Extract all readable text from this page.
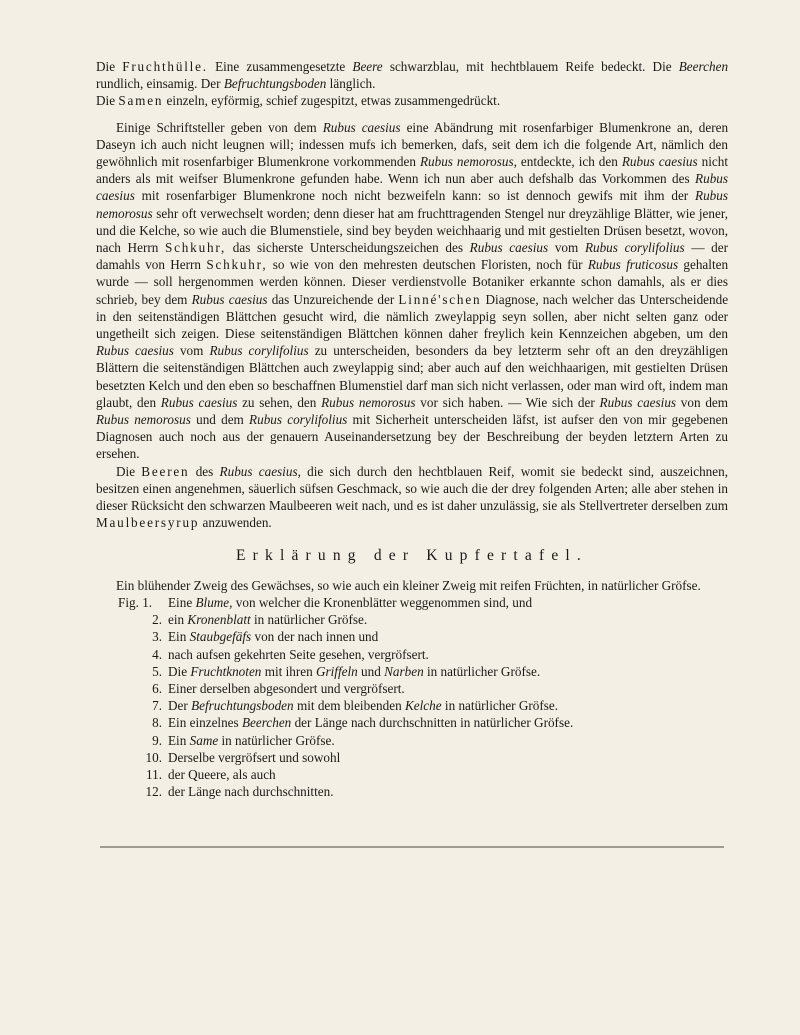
Die Fruchthülle. Eine zusammengesetzte Beere schwarzblau, mit hechtblauem Reife bedeckt. Die Beerchen rundlich, einsamig. Der Befruchtungsboden länglich.

Die Samen einzeln, eyförmig, schief zugespitzt, etwas zusammengedrückt.

Einige Schriftsteller geben von dem Rubus caesius eine Abändrung mit rosenfarbiger Blumenkrone an, deren Daseyn ich auch nicht leugnen will; indessen mufs ich bemerken, dafs, seit dem ich die folgende Art, nämlich den gewöhnlich mit rosenfarbiger Blumenkrone vorkommenden Rubus nemorosus, entdeckte, ich den Rubus caesius nicht anders als mit weifser Blumenkrone gefunden habe. Wenn ich nun aber auch defshalb das Vorkommen des Rubus caesius mit rosenfarbiger Blumenkrone noch nicht bezweifeln kann: so ist dennoch gewifs mit ihm der Rubus nemorosus sehr oft verwechselt worden; denn dieser hat am fruchttragenden Stengel nur dreyzählige Blätter, wie jener, und die Kelche, so wie auch die Blumenstiele, sind bey beyden weichhaarig und mit gestielten Drüsen besetzt, wovon, nach Herrn Schkuhr, das sicherste Unterscheidungszeichen des Rubus caesius vom Rubus corylifolius — der damahls von Herrn Schkuhr, so wie von den mehresten deutschen Floristen, noch für Rubus fruticosus gehalten wurde — soll hergenommen werden können. Dieser verdienstvolle Botaniker erkannte schon damahls, als er dies schrieb, bey dem Rubus caesius das Unzureichende der Linné'schen Diagnose, nach welcher das Unterscheidende in den seitenständigen Blättchen gesucht wird, die nämlich zweylappig seyn sollen, aber nicht selten ganz oder ungetheilt sich zeigen. Diese seitenständigen Blättchen können daher freylich kein Kennzeichen abgeben, um den Rubus caesius vom Rubus corylifolius zu unterscheiden, besonders da bey letzterm sehr oft an den dreyzähligen Blättern die seitenständigen Blättchen auch zweylappig sind; aber auch auf den weichhaarigen, mit gestielten Drüsen besetzten Kelch und den eben so beschaffnen Blumenstiel darf man sich nicht verlassen, oder man wird oft, indem man glaubt, den Rubus caesius zu sehen, den Rubus nemorosus vor sich haben. — Wie sich der Rubus caesius von dem Rubus nemorosus und dem Rubus corylifolius mit Sicherheit unterscheiden läfst, ist aufser den von mir gegebenen Diagnosen auch noch aus der genauern Auseinandersetzung bey der Beschreibung der beyden letztern Arten zu ersehen.

Die Beeren des Rubus caesius, die sich durch den hechtblauen Reif, womit sie bedeckt sind, auszeichnen, besitzen einen angenehmen, säuerlich süfsen Geschmack, so wie auch die der drey folgenden Arten; alle aber stehen in dieser Rücksicht den schwarzen Maulbeeren weit nach, und es ist daher unzulässig, sie als Stellvertreter derselben zum Maulbeersyrup anzuwenden.

Erklärung der Kupfertafel.

Ein blühender Zweig des Gewächses, so wie auch ein kleiner Zweig mit reifen Früchten, in natürlicher Gröfse.

Fig. 1.	Eine Blume, von welcher die Kronenblätter weggenommen sind, und
2. ein Kronenblatt in natürlicher Gröfse.
3. Ein Staubgefäfs von der nach innen und
4. nach aufsen gekehrten Seite gesehen, vergröfsert.
5. Die Fruchtknoten mit ihren Griffeln und Narben in natürlicher Gröfse.
6. Einer derselben abgesondert und vergröfsert.
7. Der Befruchtungsboden mit dem bleibenden Kelche in natürlicher Gröfse.
8. Ein einzelnes Beerchen der Länge nach durchschnitten in natürlicher Gröfse.
9. Ein Same in natürlicher Gröfse.
10. Derselbe vergröfsert und sowohl
11. der Queere, als auch
12. der Länge nach durchschnitten.
